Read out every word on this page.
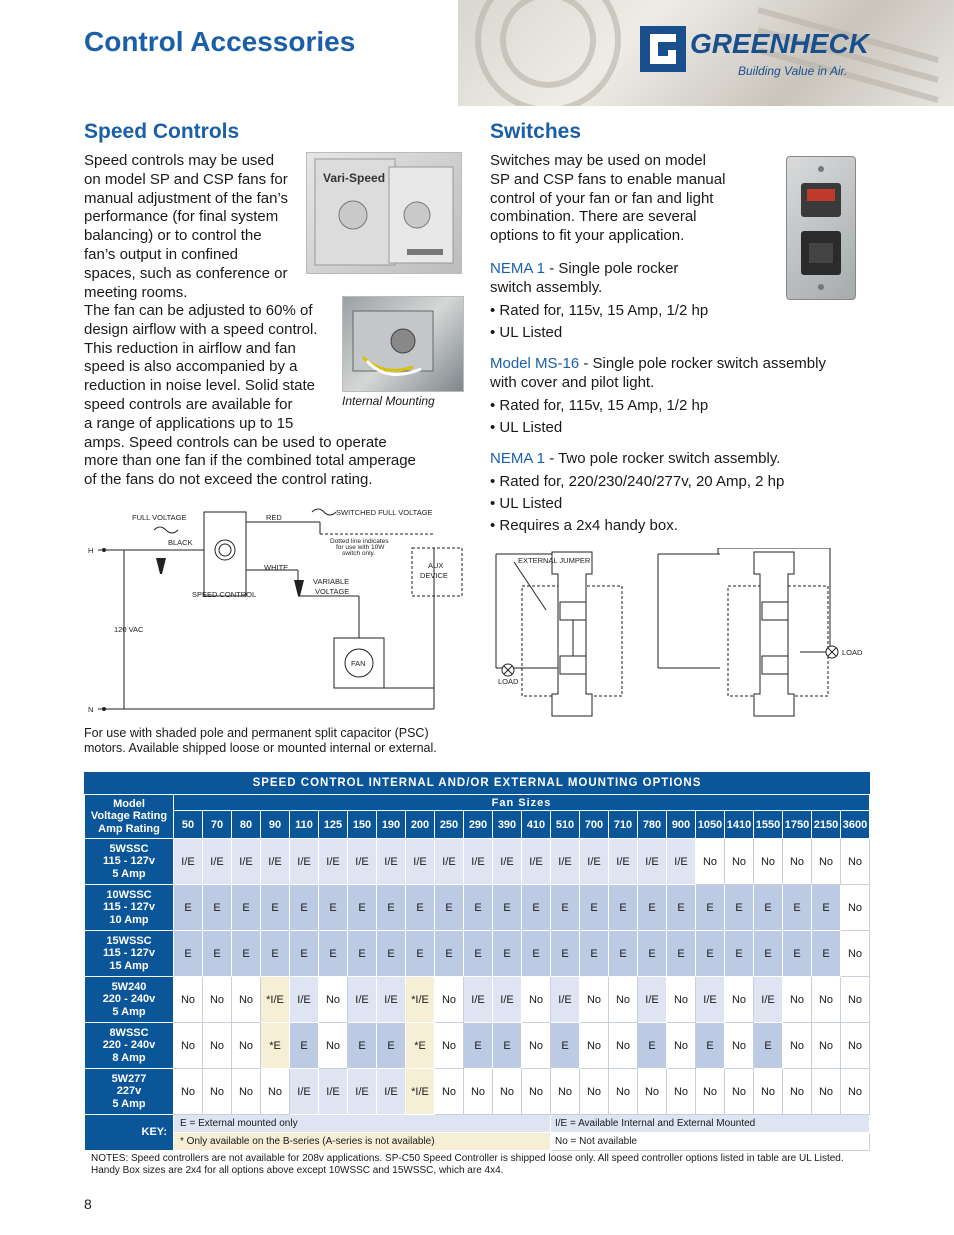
Control Accessories	GREENHECK
Building Value in Air.
Speed Controls

Speed controls may be used

on model SP and CSP fans for

manual adjustment of the fan’s

performance (for final system

balancing) or to control the

fan’s output in confined

spaces, such as conference or

meeting rooms.

The fan can be adjusted to 60% of

design airflow with a speed control.

This reduction in airflow and fan

speed is also accompanied by a

reduction in noise level. Solid state

speed controls are available for

a range of applications up to 15

amps. Speed controls can be used to operate

more than one fan if the combined total amperage

of the fans do not exceed the control rating.

Vari-Speed
Internal Mounting
FULL VOLTAGE
BLACK
RED
SWITCHED FULL VOLTAGE
Dotted line indicates
for use with 10W
switch only.
WHITE	AUX
DEVICE
VARIABLE
VOLTAGE
SPEED CONTROL
120 VAC
FAN
H
N
For use with shaded pole and permanent split capacitor (PSC)
motors. Available shipped loose or mounted internal or external.
Switches

Switches may be used on model

SP and CSP fans to enable manual

control of your fan or fan and light

combination. There are several

options to fit your application.

NEMA 1 - Single pole rocker

switch assembly.

• Rated for, 115v, 15 Amp, 1/2 hp

• UL Listed

Model MS-16 - Single pole rocker switch assembly

with cover and pilot light.

• Rated for, 115v, 15 Amp, 1/2 hp

• UL Listed

NEMA 1 - Two pole rocker switch assembly.

• Rated for, 220/230/240/277v, 20 Amp, 2 hp

• UL Listed

• Requires a 2x4 handy box.

EXTERNAL JUMPER
LOAD
LOAD
SPEED CONTROL INTERNAL AND/OR EXTERNAL MOUNTING OPTIONS
Model
Voltage Rating
Amp Rating	Fan Sizes																							
	50	70	80	90	110	125	150	190	200	250	290	390	410	510	700	710	780	900	1050	1410	1550	1750	2150	3600

5WSSC
115 - 127v
5 Amp	I/E	I/E	I/E	I/E	I/E	I/E	I/E	I/E	I/E	I/E	I/E	I/E	I/E	I/E	I/E	I/E	I/E	I/E	No	No	No	No	No	No

10WSSC
115 - 127v
10 Amp	E	E	E	E	E	E	E	E	E	E	E	E	E	E	E	E	E	E	E	E	E	E	E	No

15WSSC
115 - 127v
15 Amp	E	E	E	E	E	E	E	E	E	E	E	E	E	E	E	E	E	E	E	E	E	E	E	No

5W240
220 - 240v
5 Amp	No	No	No	*I/E	I/E	No	I/E	I/E	*I/E	No	I/E	I/E	No	I/E	No	No	I/E	No	I/E	No	I/E	No	No	No

8WSSC
220 - 240v
8 Amp	No	No	No	*E	E	No	E	E	*E	No	E	E	No	E	No	No	E	No	E	No	E	No	No	No

5W277
227v
5 Amp	No	No	No	No	I/E	I/E	I/E	I/E	*I/E	No	No	No	No	No	No	No	No	No	No	No	No	No	No	No
KEY:	E = External mounted only													I/E = Available Internal and External Mounted										
	* Only available on the B-series (A-series is not available)													No = Not available										
NOTES: Speed controllers are not available for 208v applications. SP-C50 Speed Controller is shipped loose only. All speed controller options listed in table are UL Listed.
Handy Box sizes are 2x4 for all options above except 10WSSC and 15WSSC, which are 4x4.
8
